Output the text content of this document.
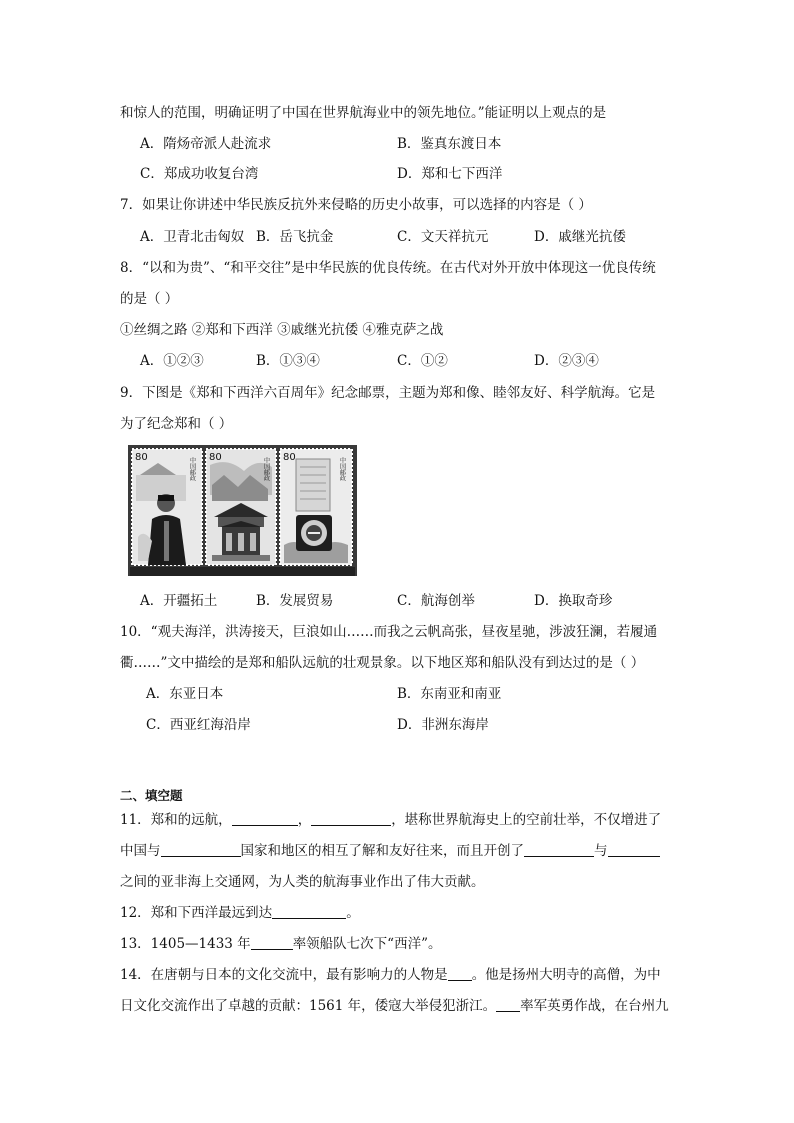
和惊人的范围，明确证明了中国在世界航海业中的领先地位。”能证明以上观点的是
A．隋炀帝派人赴流求	B．鉴真东渡日本
C．郑成功收复台湾	D．郑和七下西洋
7．如果让你讲述中华民族反抗外来侵略的历史小故事，可以选择的内容是（ ）
A．卫青北击匈奴 B．岳飞抗金	C．文天祥抗元	D．戚继光抗倭
8．“以和为贵”、“和平交往”是中华民族的优良传统。在古代对外开放中体现这一优良传统
的是（ ）
①丝绸之路 ②郑和下西洋 ③戚继光抗倭 ④雅克萨之战
A．①②③	B．①③④	C．①②	D．②③④
9．下图是《郑和下西洋六百周年》纪念邮票，主题为郑和像、睦邻友好、科学航海。它是
为了纪念郑和（ ）
80	中国邮政 80	中国邮政 80	中国邮政
A．开疆拓土	B．发展贸易	C．航海创举	D．换取奇珍
10．“观夫海洋，洪涛接天，巨浪如山……而我之云帆高张，昼夜星驰，涉波狂澜，若履通
衢……”文中描绘的是郑和船队远航的壮观景象。以下地区郑和船队没有到达过的是（ ）
A．东亚日本	B．东南亚和南亚
C．西亚红海沿岸	D．非洲东海岸
二、填空题
11．郑和的远航，	，	，堪称世界航海史上的空前壮举，不仅增进了
中国与	国家和地区的相互了解和友好往来，而且开创了	与
之间的亚非海上交通网，为人类的航海事业作出了伟大贡献。
12．郑和下西洋最远到达	。
13．1405—1433 年	率领船队七次下“西洋”。
14．在唐朝与日本的文化交流中，最有影响力的人物是 。他是扬州大明寺的高僧，为中
日文化交流作出了卓越的贡献：1561 年，倭寇大举侵犯浙江。 率军英勇作战，在台州九
